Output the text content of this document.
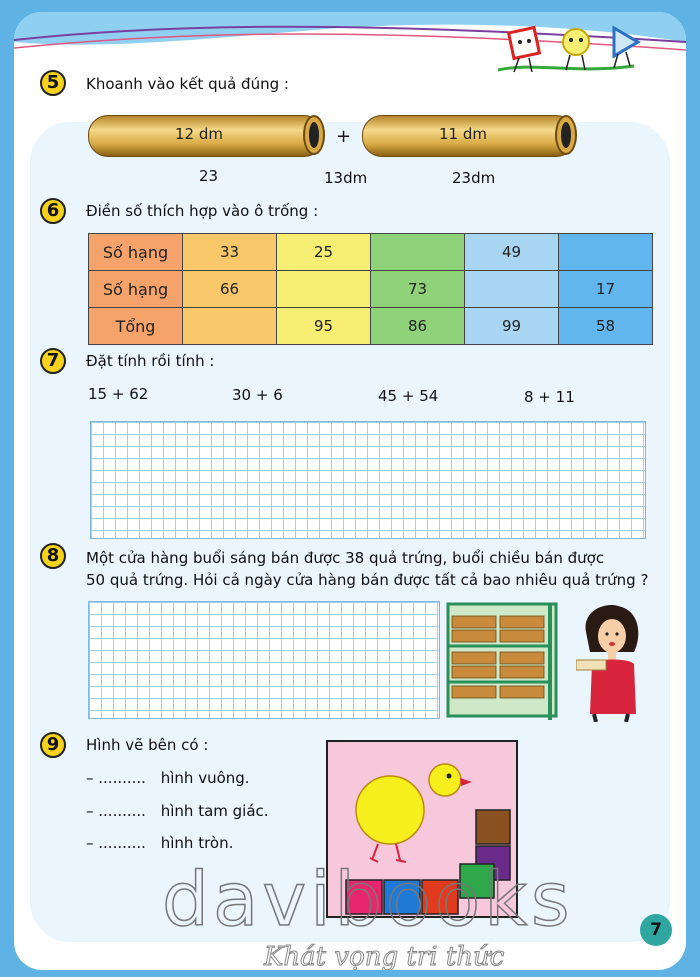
5	Khoanh vào kết quả đúng :
12 dm	+	11 dm
23	13dm	23dm
6	Điền số thích hợp vào ô trống :
Số hạng	33	25		49	
Số hạng	66		73		17
Tổng		95	86	99	58
7	Đặt tính rồi tính :
15 + 62	30 + 6	45 + 54	8 + 11
8	Một cửa hàng buổi sáng bán được 38 quả trứng, buổi chiều bán được
50 quả trứng. Hỏi cả ngày cửa hàng bán được tất cả bao nhiêu quả trứng ?
9	Hình vẽ bên có :
– .......... hình vuông.
– .......... hình tam giác.
– .......... hình tròn.
davibooks
Khát vọng tri thức
7
